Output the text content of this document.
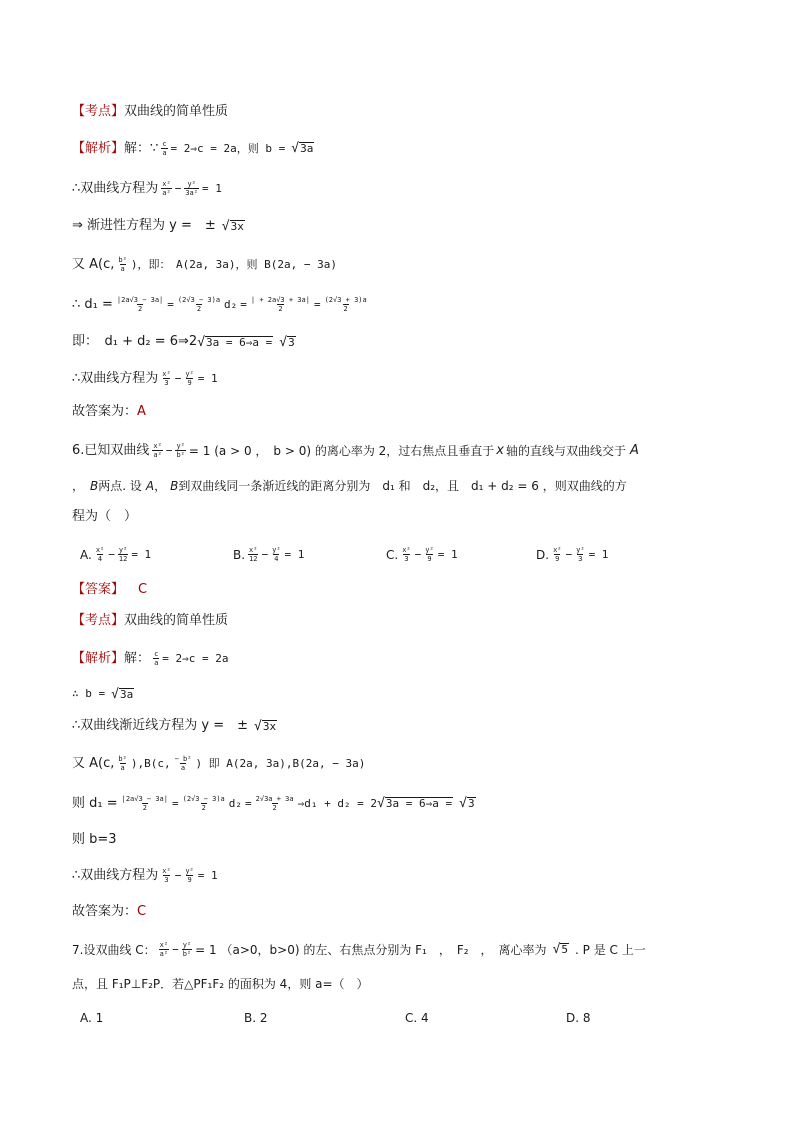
【 考点 】 双曲线的简单性质
【 解析 】 解：∵ $\frac{c}{a}$ = 2⇒c = 2a，则 b = √ 3a
∴双曲线方程为 $\frac{\text{x²}}{\text{a²}} - \frac{\text{y²}}{\text{3a²}} = 1$
⇒ 渐进性方程为 y =　± √ 3x
又 A(c, $\frac{\text{b²}}{a}$ )，即：　A(2a, 3a)，则 B(2a, − 3a)
∴ $d_1 = \frac{|2a√3 - 3a|}{2} = \frac{(2√3 - 3)a}{2} d_2 = \frac{| + 2a√3 + 3a|}{2} = \frac{(2√3 + 3)a}{2}$
即：　d₁ + d₂ = 6⇒2 √ 3a = 6⇒a = √ 3
∴双曲线方程为 $\frac{\text{x²}}{3} - \frac{\text{y²}}{9} = 1$
故答案为： A
6.已知双曲线 $\frac{\text{x²}}{\text{a²}} - \frac{\text{y²}}{\text{b²}} = 1$ (a > 0 ，　b > 0) 的离心率为 2，过右焦点且垂直于 x 轴的直线与双曲线交于 A
， B 两点. 设 A ， B 到双曲线同一条渐近线的距离分别为　d₁ 和　d₂，且　d₁ + d₂ = 6 ，则双曲线的方
程为（　）
A. $\frac{\text{x²}}{4} - \frac{\text{y²}}{12} = 1$	B. $\frac{\text{x²}}{12} - \frac{\text{y²}}{4} = 1$	C. $\frac{\text{x²}}{3} - \frac{\text{y²}}{9} = 1$	D. $\frac{\text{x²}}{9} - \frac{\text{y²}}{3} = 1$
【 答案 】 C
【 考点 】 双曲线的简单性质
【 解析 】 解： $\frac{c}{a}$ = 2⇒c = 2a
∴ b = √ 3a
∴双曲线渐近线方程为 y =　± √ 3x
又 A(c, $\frac{\text{b²}}{a} ),B(c$, $\frac{\text{− b²}}{a}$ ) 即 A(2a, 3a),B(2a, − 3a)
则 $d_1 = \frac{|2a√3 - 3a|}{2} = \frac{(2√3 - 3)a}{2} d_2 = \frac{2√3a + 3a}{2}$ ⇒d₁ + d₂ = 2 √ 3a = 6⇒a = √ 3
则 b=3
∴双曲线方程为 $\frac{\text{x²}}{3} - \frac{\text{y²}}{9} = 1$
故答案为： C
7.设双曲线 C： $\frac{\text{x²}}{\text{a²}} - \frac{\text{y²}}{\text{b²}} = 1$ （a>0，b>0) 的左、右焦点分别为 F₁　，　F₂　，　离心率为 √ 5 . P 是 C 上一
点，且 F₁P⊥F₂P．若△PF₁F₂ 的面积为 4，则 a=（　）
A. 1	B. 2	C. 4	D. 8
